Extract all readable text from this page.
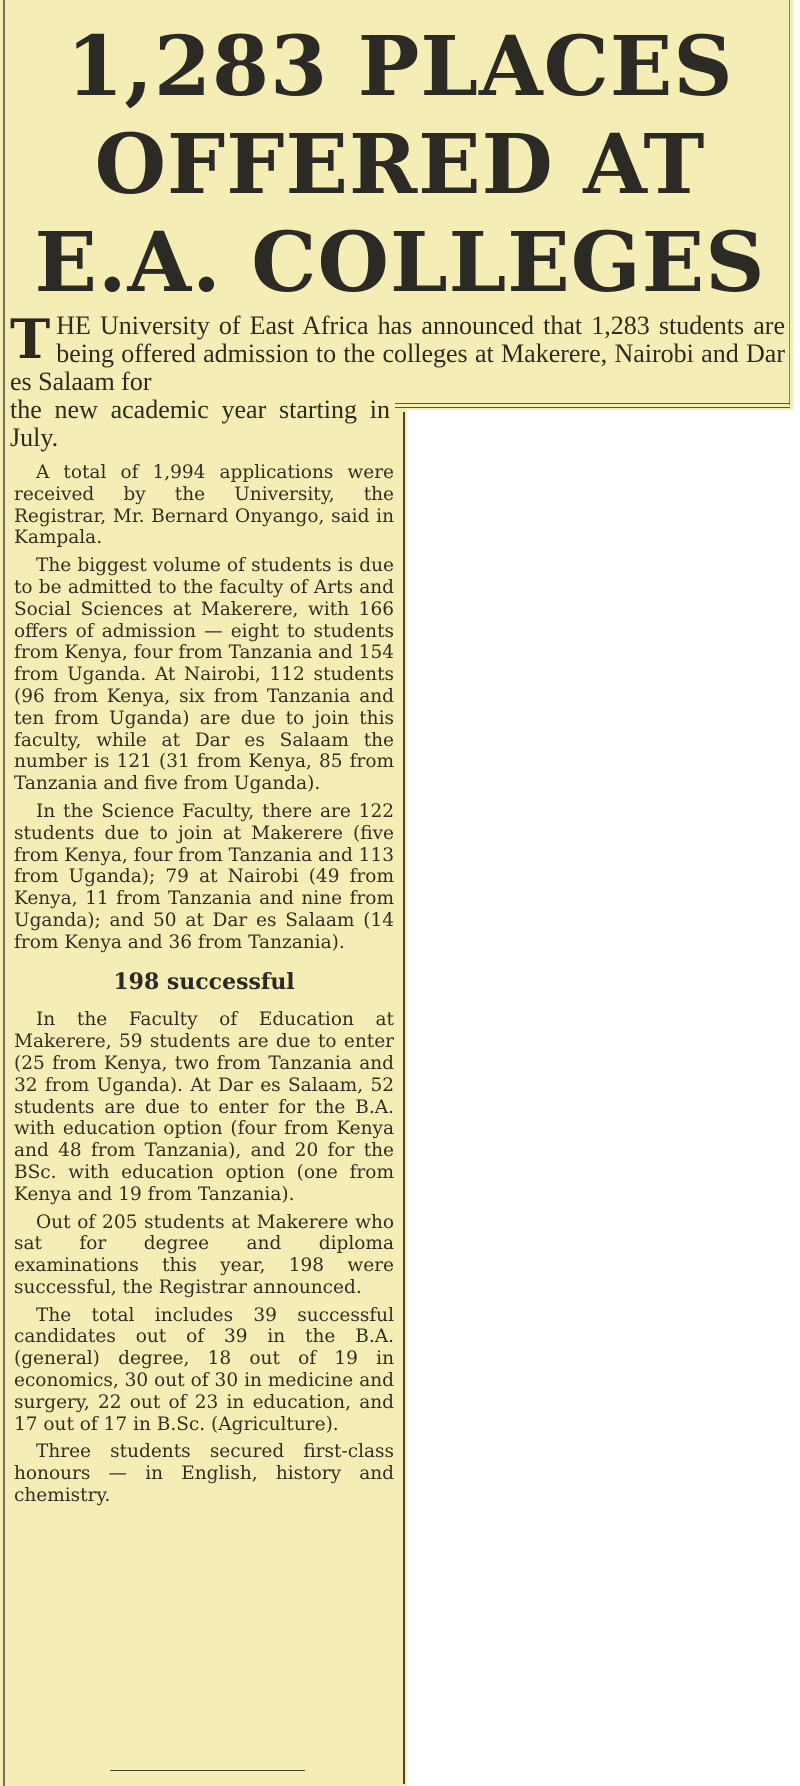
1,283 PLACES
OFFERED AT
E.A. COLLEGES
T HE University of East Africa has announced that 1,283 students are being offered admission to the colleges at Makerere, Nairobi and Dar es Salaam for

the new academic year starting in July.

A total of 1,994 applications were received by the University, the Registrar, Mr. Bernard Onyango, said in Kampala.

The biggest volume of students is due to be admitted to the faculty of Arts and Social Sciences at Makerere, with 166 offers of admission — eight to students from Kenya, four from Tanzania and 154 from Uganda. At Nairobi, 112 students (96 from Kenya, six from Tanzania and ten from Uganda) are due to join this faculty, while at Dar es Salaam the number is 121 (31 from Kenya, 85 from Tanzania and five from Uganda).

In the Science Faculty, there are 122 students due to join at Makerere (five from Kenya, four from Tanzania and 113 from Uganda); 79 at Nairobi (49 from Kenya, 11 from Tanzania and nine from Uganda); and 50 at Dar es Salaam (14 from Kenya and 36 from Tanzania).

198 successful

In the Faculty of Education at Makerere, 59 students are due to enter (25 from Kenya, two from Tanzania and 32 from Uganda). At Dar es Salaam, 52 students are due to enter for the B.A. with education option (four from Kenya and 48 from Tanzania), and 20 for the BSc. with education option (one from Kenya and 19 from Tanzania).

Out of 205 students at Makerere who sat for degree and diploma examinations this year, 198 were successful, the Registrar announced.

The total includes 39 successful candidates out of 39 in the B.A. (general) degree, 18 out of 19 in economics, 30 out of 30 in medicine and surgery, 22 out of 23 in education, and 17 out of 17 in B.Sc. (Agriculture).

Three students secured first-class honours — in English, history and chemistry.
